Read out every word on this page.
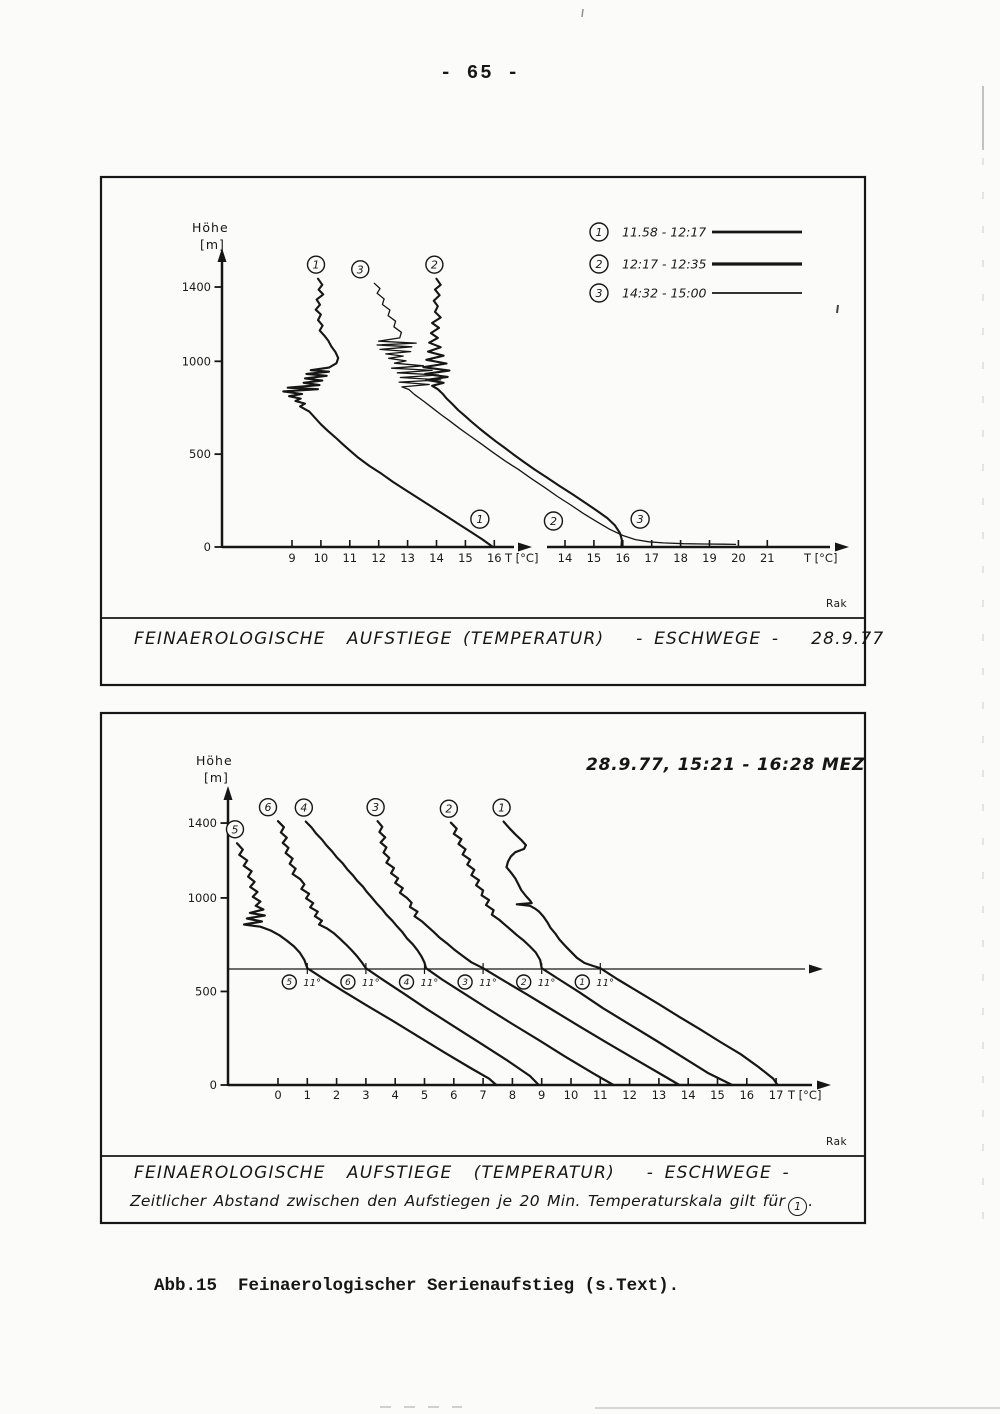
0
500
1000
1400
9 10 11 12 13 14 15 16 T [°C] 14 15 16 17 18 19 20 21	T [°C]
1	3	2
1	2	3
1 11.58 - 12:17
2 12:17 - 12:35
3 14:32 - 15:00
0
500
1000
1400
0 1 2 3 4 5 6 7 8 9 10 11 12 13 14 15 16 17 T [°C]
5 11°	6 11°	4 11°	3 11°	2 11°	1 11°
5
6	4	3	2	1
- 65 -
Höhe
[m]
Rak
FEINAEROLOGISCHE  AUFSTIEGE (TEMPERATUR)   - ESCHWEGE -   28.9.77
28.9.77, 15:21 - 16:28 MEZ
Höhe
[m]
Rak
FEINAEROLOGISCHE  AUFSTIEGE  (TEMPERATUR)   - ESCHWEGE -
Zeitlicher Abstand zwischen den Aufstiegen je 20 Min. Temperaturskala gilt für 1 .
Abb.15  Feinaerologischer Serienaufstieg (s.Text).
